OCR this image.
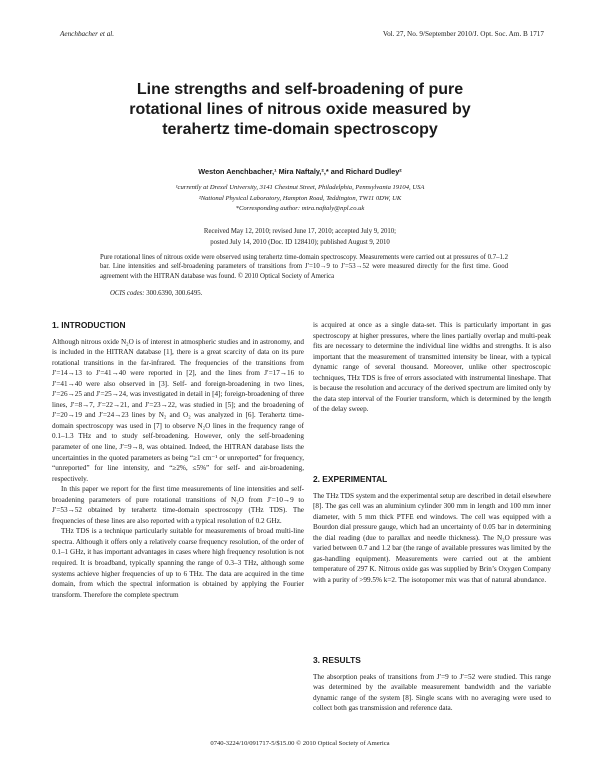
Aenchbacher et al.	Vol. 27, No. 9/September 2010/J. Opt. Soc. Am. B 1717
Line strengths and self-broadening of pure
rotational lines of nitrous oxide measured by
terahertz time-domain spectroscopy
Weston Aenchbacher,¹ Mira Naftaly,²,* and Richard Dudley²
¹currently at Drexel University, 3141 Chestnut Street, Philadelphia, Pennsylvania 19104, USA
²National Physical Laboratory, Hampton Road, Teddington, TW11 0DW, UK
*Corresponding author: mira.naftaly@npl.co.uk
Received May 12, 2010; revised June 17, 2010; accepted July 9, 2010;
posted July 14, 2010 (Doc. ID 128410); published August 9, 2010
Pure rotational lines of nitrous oxide were observed using terahertz time-domain spectroscopy. Measurements were carried out at pressures of 0.7–1.2 bar. Line intensities and self-broadening parameters of transitions from J′=10→9 to J′=53→52 were measured directly for the first time. Good agreement with the HITRAN database was found. © 2010 Optical Society of America
OCIS codes: 300.6390, 300.6495.
1. INTRODUCTION

Although nitrous oxide N₂O is of interest in atmospheric studies and in astronomy, and is included in the HITRAN database [1], there is a great scarcity of data on its pure rotational transitions in the far-infrared. The frequencies of the transitions from J′=14→13 to J′=41→40 were reported in [2], and the lines from J′=17→16 to J′=41→40 were also observed in [3]. Self- and foreign-broadening in two lines, J′=26→25 and J′=25→24, was investigated in detail in [4]; foreign-broadening of three lines, J′=8→7, J′=22→21, and J′=23→22, was studied in [5]; and the broadening of J′=20→19 and J′=24→23 lines by N₂ and O₂ was analyzed in [6]. Terahertz time-domain spectroscopy was used in [7] to observe N₂O lines in the frequency range of 0.1–1.3 THz and to study self-broadening. However, only the self-broadening parameter of one line, J′=9→8, was obtained. Indeed, the HITRAN database lists the uncertainties in the quoted parameters as being “≥1 cm⁻¹ or unreported” for frequency, “unreported” for line intensity, and “≥2%, ≤5%” for self- and air-broadening, respectively.

In this paper we report for the first time measurements of line intensities and self-broadening parameters of pure rotational transitions of N₂O from J′=10→9 to J′=53→52 obtained by terahertz time-domain spectroscopy (THz TDS). The frequencies of these lines are also reported with a typical resolution of 0.2 GHz.

THz TDS is a technique particularly suitable for measurements of broad multi-line spectra. Although it offers only a relatively coarse frequency resolution, of the order of 0.1–1 GHz, it has important advantages in cases where high frequency resolution is not required. It is broadband, typically spanning the range of 0.3–3 THz, although some systems achieve higher frequencies of up to 6 THz. The data are acquired in the time domain, from which the spectral information is obtained by applying the Fourier transform. Therefore the complete spectrum

is acquired at once as a single data-set. This is particularly important in gas spectroscopy at higher pressures, where the lines partially overlap and multi-peak fits are necessary to determine the individual line widths and strengths. It is also important that the measurement of transmitted intensity be linear, with a typical dynamic range of several thousand. Moreover, unlike other spectroscopic techniques, THz TDS is free of errors associated with instrumental lineshape. That is because the resolution and accuracy of the derived spectrum are limited only by the data step interval of the Fourier transform, which is determined by the length of the delay sweep.

2. EXPERIMENTAL

The THz TDS system and the experimental setup are described in detail elsewhere [8]. The gas cell was an aluminium cylinder 300 mm in length and 100 mm inner diameter, with 5 mm thick PTFE end windows. The cell was equipped with a Bourdon dial pressure gauge, which had an uncertainty of 0.05 bar in determining the dial reading (due to parallax and needle thickness). The N₂O pressure was varied between 0.7 and 1.2 bar (the range of available pressures was limited by the gas-handling equipment). Measurements were carried out at the ambient temperature of 297 K. Nitrous oxide gas was supplied by Brin’s Oxygen Company with a purity of >99.5% k=2. The isotopomer mix was that of natural abundance.

3. RESULTS

The absorption peaks of transitions from J′=9 to J′=52 were studied. This range was determined by the available measurement bandwidth and the variable dynamic range of the system [8]. Single scans with no averaging were used to collect both gas transmission and reference data.

0740-3224/10/091717-5/$15.00 © 2010 Optical Society of America
